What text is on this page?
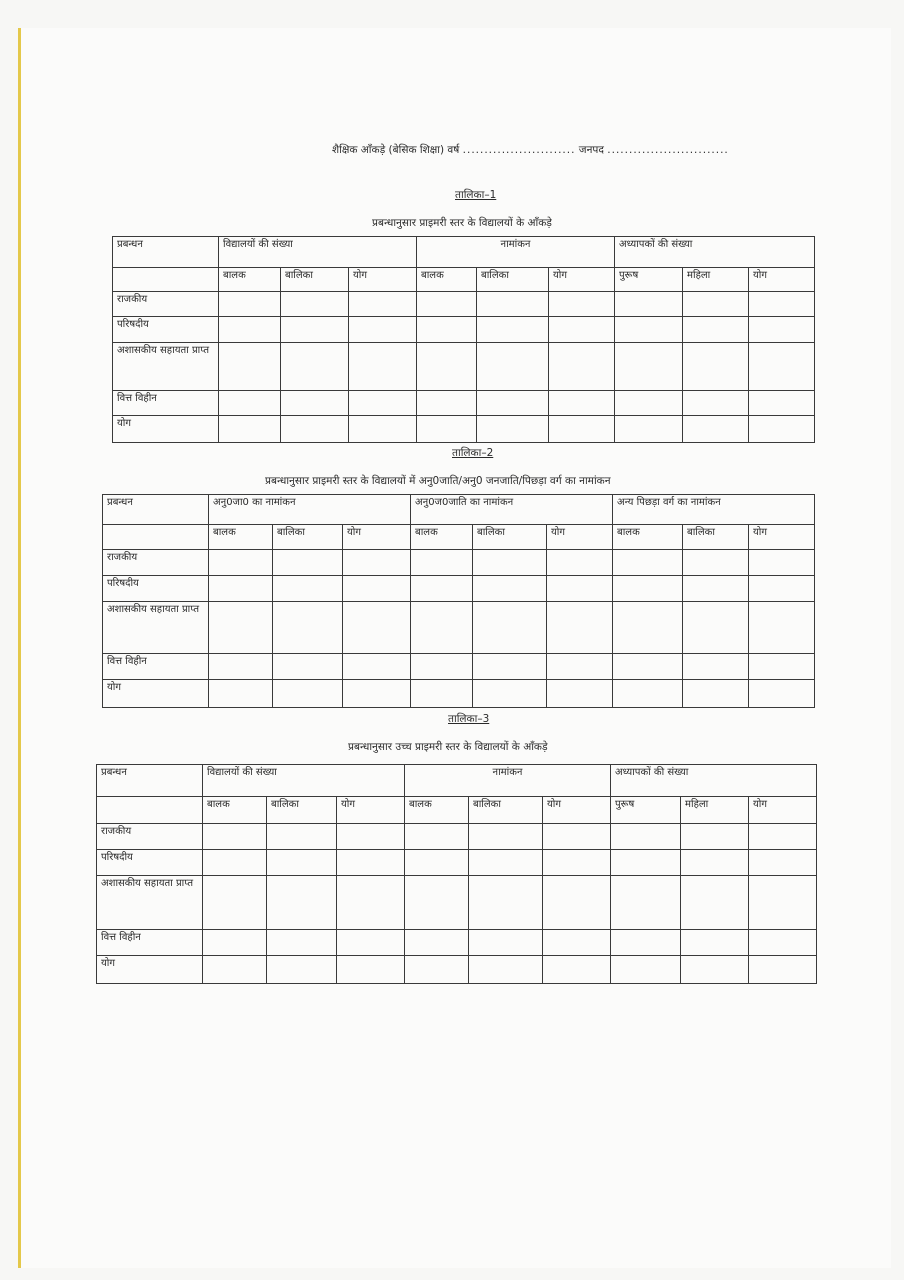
शैक्षिक आँकड़े (बेसिक शिक्षा) वर्ष .......................... जनपद ............................
तालिका–1
प्रबन्धानुसार प्राइमरी स्तर के विद्यालयों के आँकड़े
प्रबन्धन	विद्यालयों की संख्या			नामांकन			अध्यापकों की संख्या		
	बालक	बालिका	योग	बालक	बालिका	योग	पुरूष	महिला	योग
राजकीय									
परिषदीय									
अशासकीय सहायता प्राप्त									
वित्त विहीन									
योग									
तालिका–2
प्रबन्धानुसार प्राइमरी स्तर के विद्यालयों में अनु0जाति/अनु0 जनजाति/पिछड़ा वर्ग का नामांकन
प्रबन्धन	अनु0जा0 का नामांकन			अनु0ज0जाति का नामांकन			अन्य पिछड़ा वर्ग का नामांकन		
	बालक	बालिका	योग	बालक	बालिका	योग	बालक	बालिका	योग
राजकीय									
परिषदीय									
अशासकीय सहायता प्राप्त									
वित्त विहीन									
योग									
तालिका–3
प्रबन्धानुसार उच्च प्राइमरी स्तर के विद्यालयों के आँकड़े
प्रबन्धन	विद्यालयों की संख्या			नामांकन			अध्यापकों की संख्या		
	बालक	बालिका	योग	बालक	बालिका	योग	पुरूष	महिला	योग
राजकीय									
परिषदीय									
अशासकीय सहायता प्राप्त									
वित्त विहीन									
योग									
